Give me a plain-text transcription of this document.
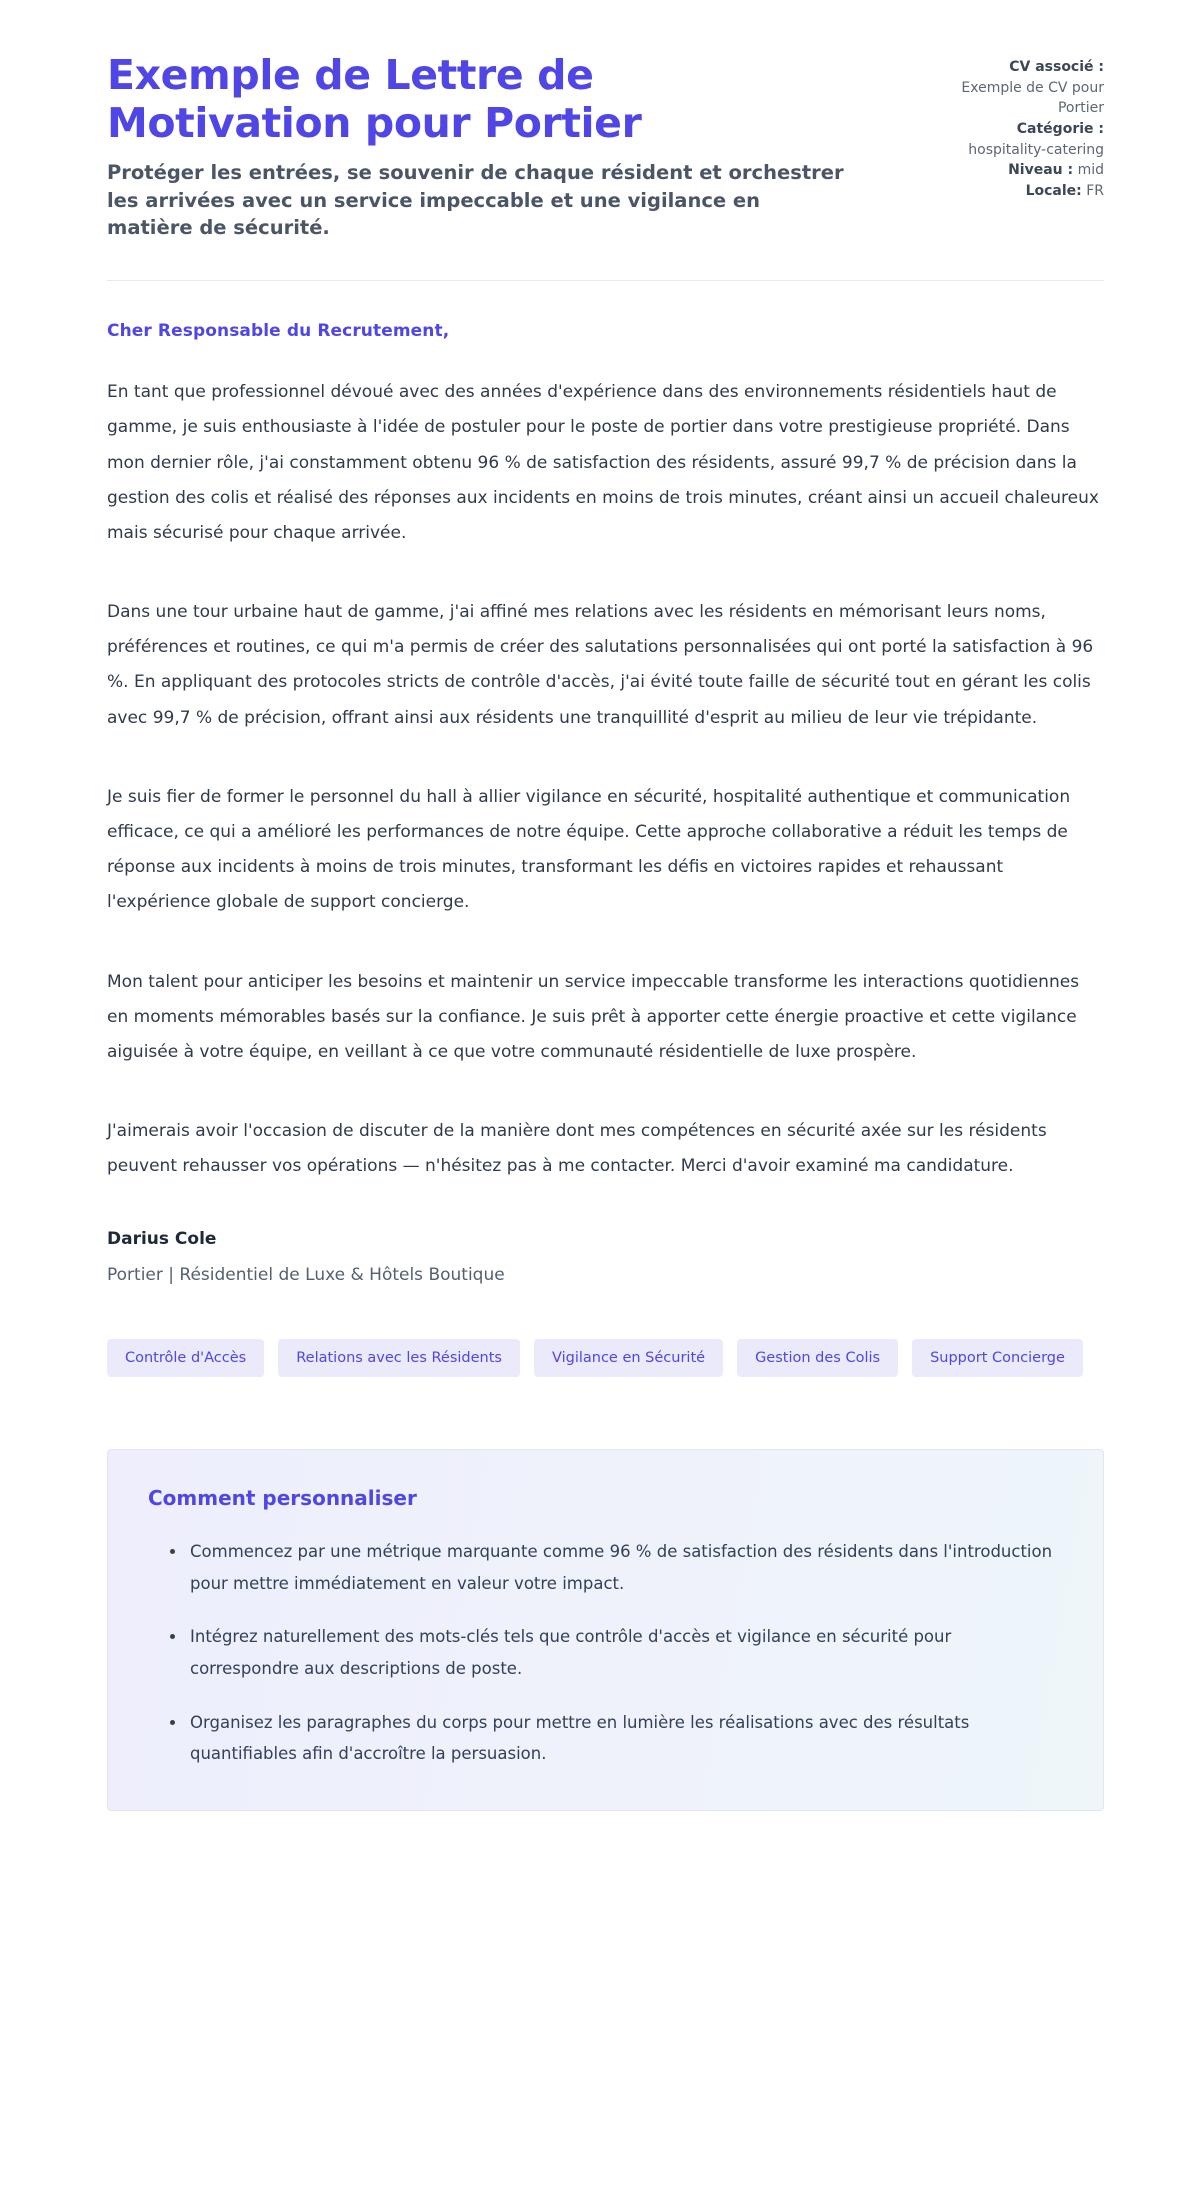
Exemple de Lettre de Motivation pour Portier

Protéger les entrées, se souvenir de chaque résident et orchestrer les arrivées avec un service impeccable et une vigilance en matière de sécurité.

CV associé :
Exemple de CV pour Portier
Catégorie :
hospitality-catering
Niveau : mid
Locale: FR

Cher Responsable du Recrutement,

En tant que professionnel dévoué avec des années d'expérience dans des environnements résidentiels haut de gamme, je suis enthousiaste à l'idée de postuler pour le poste de portier dans votre prestigieuse propriété. Dans mon dernier rôle, j'ai constamment obtenu 96 % de satisfaction des résidents, assuré 99,7 % de précision dans la gestion des colis et réalisé des réponses aux incidents en moins de trois minutes, créant ainsi un accueil chaleureux mais sécurisé pour chaque arrivée.

Dans une tour urbaine haut de gamme, j'ai affiné mes relations avec les résidents en mémorisant leurs noms, préférences et routines, ce qui m'a permis de créer des salutations personnalisées qui ont porté la satisfaction à 96 %. En appliquant des protocoles stricts de contrôle d'accès, j'ai évité toute faille de sécurité tout en gérant les colis avec 99,7 % de précision, offrant ainsi aux résidents une tranquillité d'esprit au milieu de leur vie trépidante.

Je suis fier de former le personnel du hall à allier vigilance en sécurité, hospitalité authentique et communication efficace, ce qui a amélioré les performances de notre équipe. Cette approche collaborative a réduit les temps de réponse aux incidents à moins de trois minutes, transformant les défis en victoires rapides et rehaussant l'expérience globale de support concierge.

Mon talent pour anticiper les besoins et maintenir un service impeccable transforme les interactions quotidiennes en moments mémorables basés sur la confiance. Je suis prêt à apporter cette énergie proactive et cette vigilance aiguisée à votre équipe, en veillant à ce que votre communauté résidentielle de luxe prospère.

J'aimerais avoir l'occasion de discuter de la manière dont mes compétences en sécurité axée sur les résidents peuvent rehausser vos opérations — n'hésitez pas à me contacter. Merci d'avoir examiné ma candidature.

Darius Cole

Portier | Résidentiel de Luxe & Hôtels Boutique

Contrôle d'Accès	Relations avec les Résidents	Vigilance en Sécurité	Gestion des Colis	Support Concierge
Comment personnaliser
Commencez par une métrique marquante comme 96 % de satisfaction des résidents dans l'introduction pour mettre immédiatement en valeur votre impact.
Intégrez naturellement des mots-clés tels que contrôle d'accès et vigilance en sécurité pour correspondre aux descriptions de poste.
Organisez les paragraphes du corps pour mettre en lumière les réalisations avec des résultats quantifiables afin d'accroître la persuasion.
